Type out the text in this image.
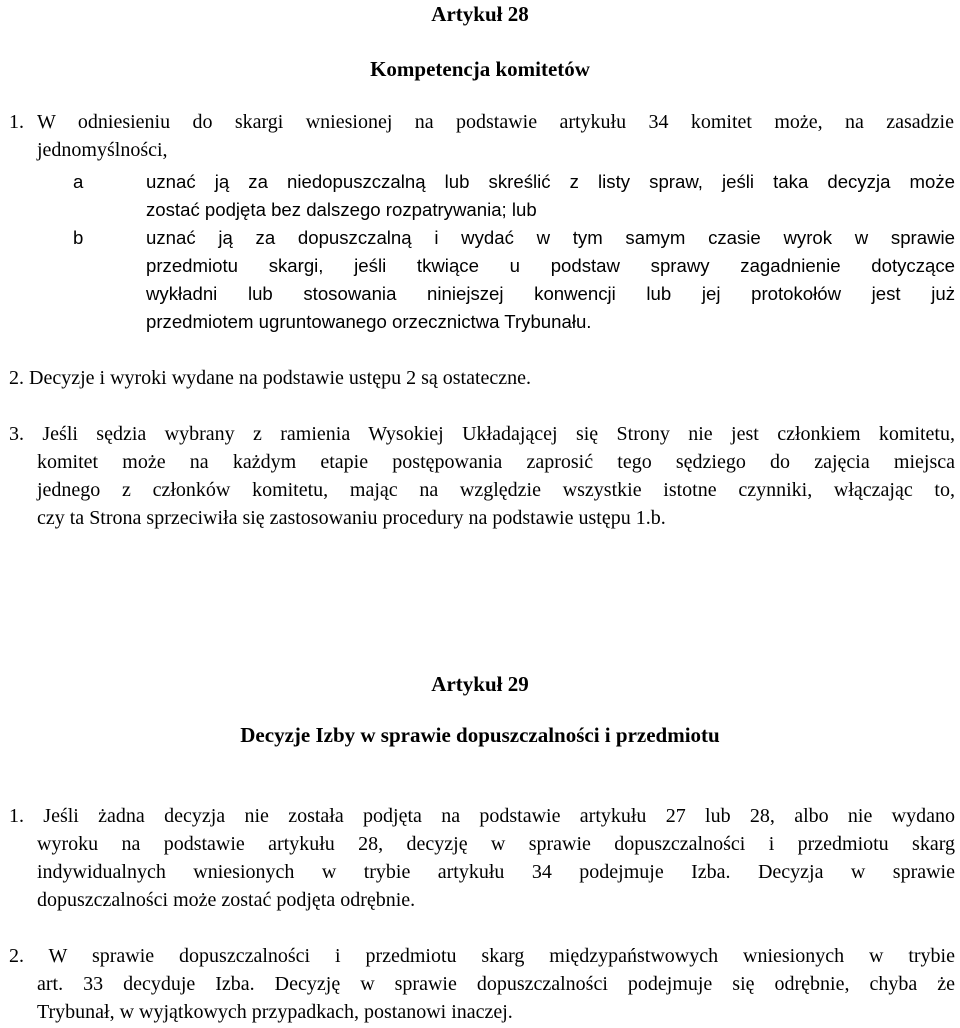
Artykuł 28
Kompetencja komitetów
1. W odniesieniu do skargi wniesionej na podstawie artykułu 34 komitet może, na zasadzie
jednomyślności,
a	uznać ją za niedopuszczalną lub skreślić z listy spraw, jeśli taka decyzja może
zostać podjęta bez dalszego rozpatrywania; lub
b	uznać ją za dopuszczalną i wydać w tym samym czasie wyrok w sprawie
przedmiotu skargi, jeśli tkwiące u podstaw sprawy zagadnienie dotyczące
wykładni lub stosowania niniejszej konwencji lub jej protokołów jest już
przedmiotem ugruntowanego orzecznictwa Trybunału.
2. Decyzje i wyroki wydane na podstawie ustępu 2 są ostateczne.
3. Jeśli sędzia wybrany z ramienia Wysokiej Układającej się Strony nie jest członkiem komitetu,
komitet może na każdym etapie postępowania zaprosić tego sędziego do zajęcia miejsca
jednego z członków komitetu, mając na względzie wszystkie istotne czynniki, włączając to,
czy ta Strona sprzeciwiła się zastosowaniu procedury na podstawie ustępu 1.b.
Artykuł 29
Decyzje Izby w sprawie dopuszczalności i przedmiotu
1. Jeśli żadna decyzja nie została podjęta na podstawie artykułu 27 lub 28, albo nie wydano
wyroku na podstawie artykułu 28, decyzję w sprawie dopuszczalności i przedmiotu skarg
indywidualnych wniesionych w trybie artykułu 34 podejmuje Izba. Decyzja w sprawie
dopuszczalności może zostać podjęta odrębnie.
2. W sprawie dopuszczalności i przedmiotu skarg międzypaństwowych wniesionych w trybie
art. 33 decyduje Izba. Decyzję w sprawie dopuszczalności podejmuje się odrębnie, chyba że
Trybunał, w wyjątkowych przypadkach, postanowi inaczej.
